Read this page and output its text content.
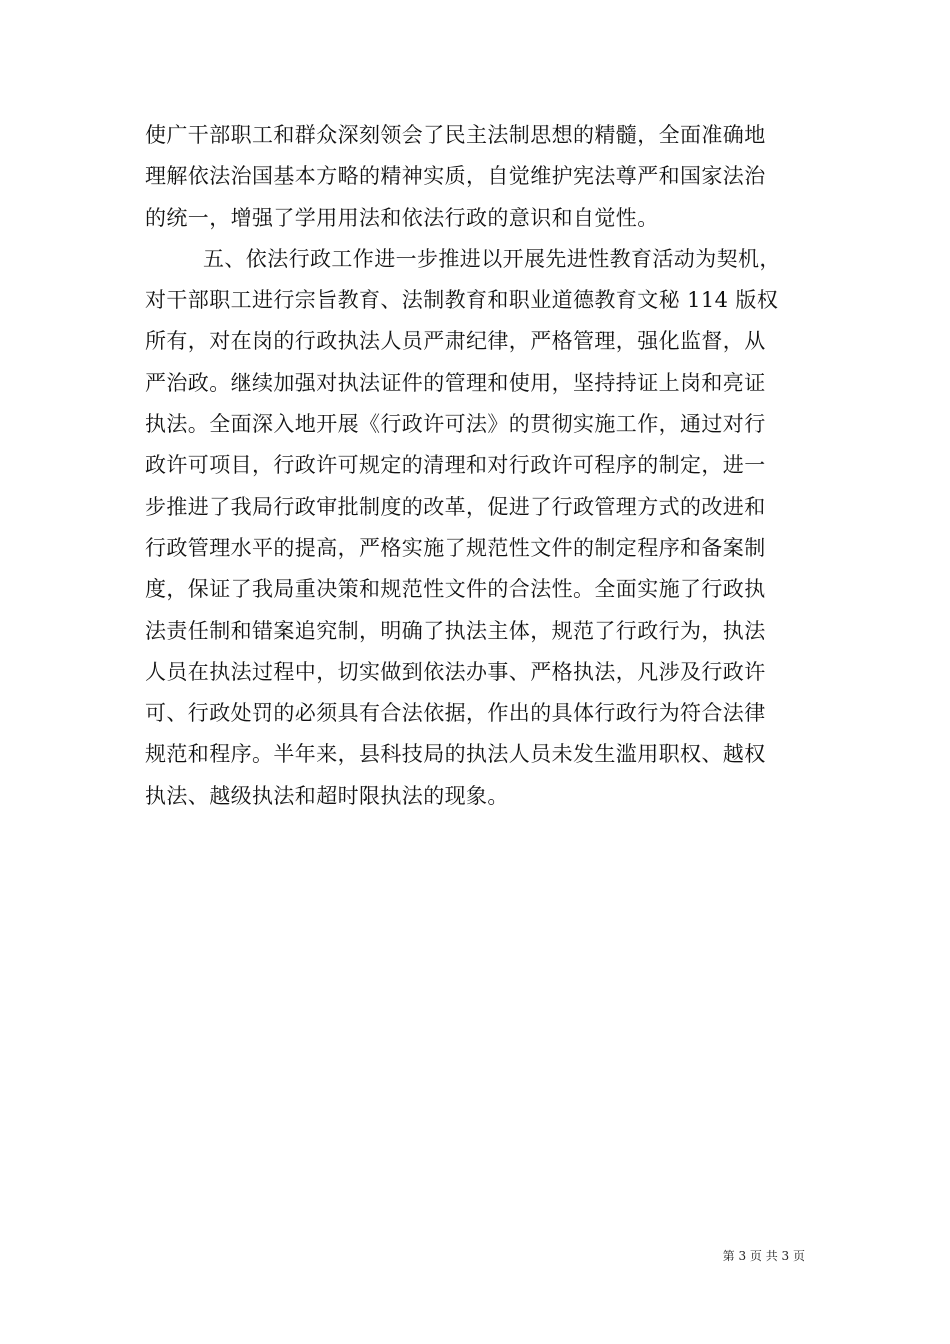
使广干部职工和群众深刻领会了民主法制思想的精髓，全面准确地
理解依法治国基本方略的精神实质，自觉维护宪法尊严和国家法治
的统一，增强了学用用法和依法行政的意识和自觉性。
五、依法行政工作进一步推进以开展先进性教育活动为契机，
对干部职工进行宗旨教育、法制教育和职业道德教育文秘 114 版权
所有，对在岗的行政执法人员严肃纪律，严格管理，强化监督，从
严治政。继续加强对执法证件的管理和使用，坚持持证上岗和亮证
执法。全面深入地开展《行政许可法》的贯彻实施工作，通过对行
政许可项目，行政许可规定的清理和对行政许可程序的制定，进一
步推进了我局行政审批制度的改革，促进了行政管理方式的改进和
行政管理水平的提高，严格实施了规范性文件的制定程序和备案制
度，保证了我局重决策和规范性文件的合法性。全面实施了行政执
法责任制和错案追究制，明确了执法主体，规范了行政行为，执法
人员在执法过程中，切实做到依法办事、严格执法，凡涉及行政许
可、行政处罚的必须具有合法依据，作出的具体行政行为符合法律
规范和程序。半年来，县科技局的执法人员未发生滥用职权、越权
执法、越级执法和超时限执法的现象。
第 3 页 共 3 页
